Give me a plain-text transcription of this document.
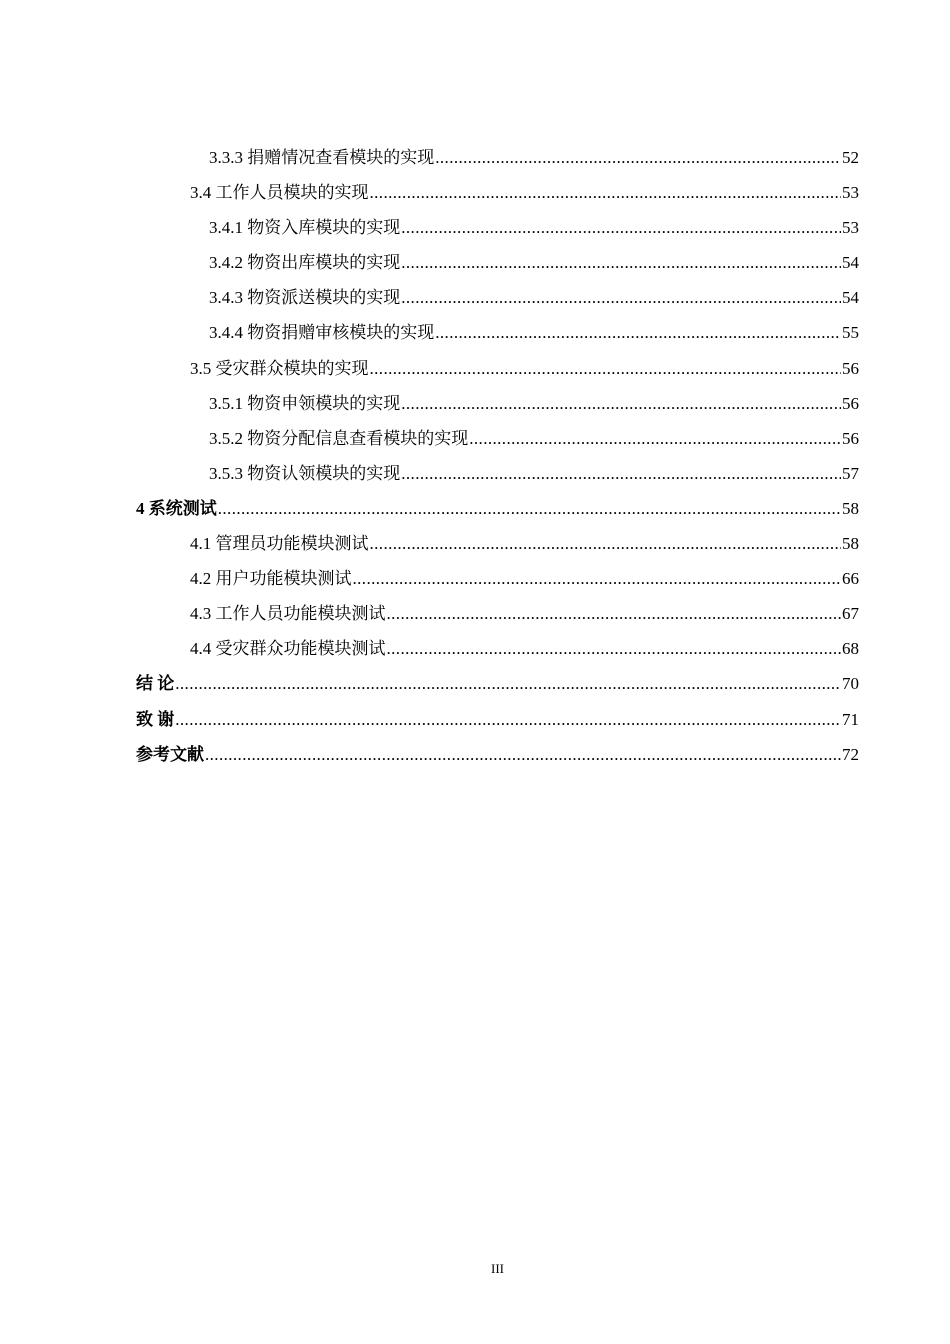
3.3.3 捐赠情况查看模块的实现 .....	52
3.4 工作人员模块的实现 .....	53
3.4.1 物资入库模块的实现 .....	53
3.4.2 物资出库模块的实现 .....	54
3.4.3 物资派送模块的实现 .....	54
3.4.4 物资捐赠审核模块的实现 .....	55
3.5 受灾群众模块的实现 .....	56
3.5.1 物资申领模块的实现 .....	56
3.5.2 物资分配信息查看模块的实现 .....	56
3.5.3 物资认领模块的实现 .....	57
4 系统测试 .....	58
4.1 管理员功能模块测试 .....	58
4.2 用户功能模块测试 .....	66
4.3 工作人员功能模块测试 .....	67
4.4 受灾群众功能模块测试 .....	68
结 论 .....	70
致 谢 .....	71
参考文献 .....	72
III
